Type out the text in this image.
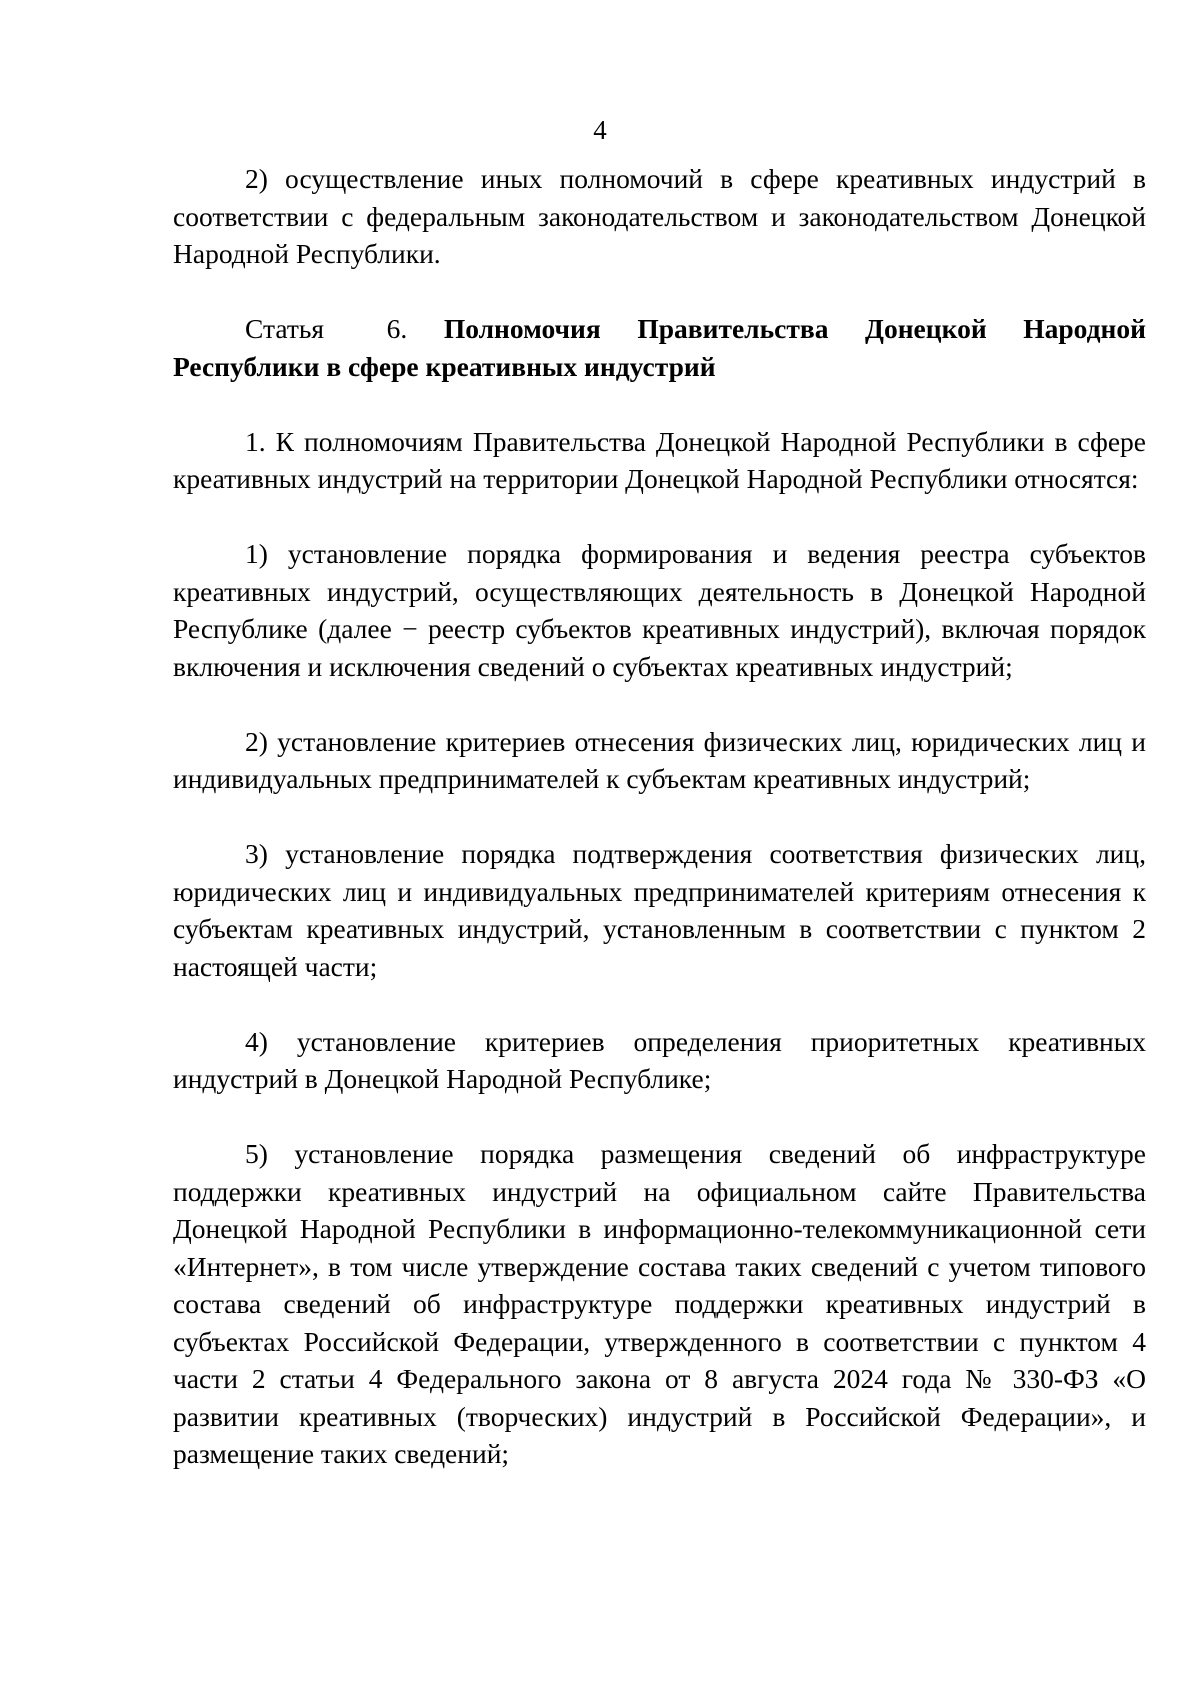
4

2) осуществление иных полномочий в сфере креативных индустрий в соответствии с федеральным законодательством и законодательством Донецкой Народной Республики.

Статья 6. Полномочия Правительства Донецкой Народной Республики в сфере креативных индустрий

1. К полномочиям Правительства Донецкой Народной Республики в сфере креативных индустрий на территории Донецкой Народной Республики относятся:

1) установление порядка формирования и ведения реестра субъектов креативных индустрий, осуществляющих деятельность в Донецкой Народной Республике (далее − реестр субъектов креативных индустрий), включая порядок включения и исключения сведений о субъектах креативных индустрий;

2) установление критериев отнесения физических лиц, юридических лиц и индивидуальных предпринимателей к субъектам креативных индустрий;

3) установление порядка подтверждения соответствия физических лиц, юридических лиц и индивидуальных предпринимателей критериям отнесения к субъектам креативных индустрий, установленным в соответствии с пунктом 2 настоящей части;

4) установление критериев определения приоритетных креативных индустрий в Донецкой Народной Республике;

5) установление порядка размещения сведений об инфраструктуре поддержки креативных индустрий на официальном сайте Правительства Донецкой Народной Республики в информационно-телекоммуникационной сети «Интернет», в том числе утверждение состава таких сведений с учетом типового состава сведений об инфраструктуре поддержки креативных индустрий в субъектах Российской Федерации, утвержденного в соответствии с пунктом 4 части 2 статьи 4 Федерального закона от 8 августа 2024 года № 330-ФЗ «О развитии креативных (творческих) индустрий в Российской Федерации», и размещение таких сведений;
